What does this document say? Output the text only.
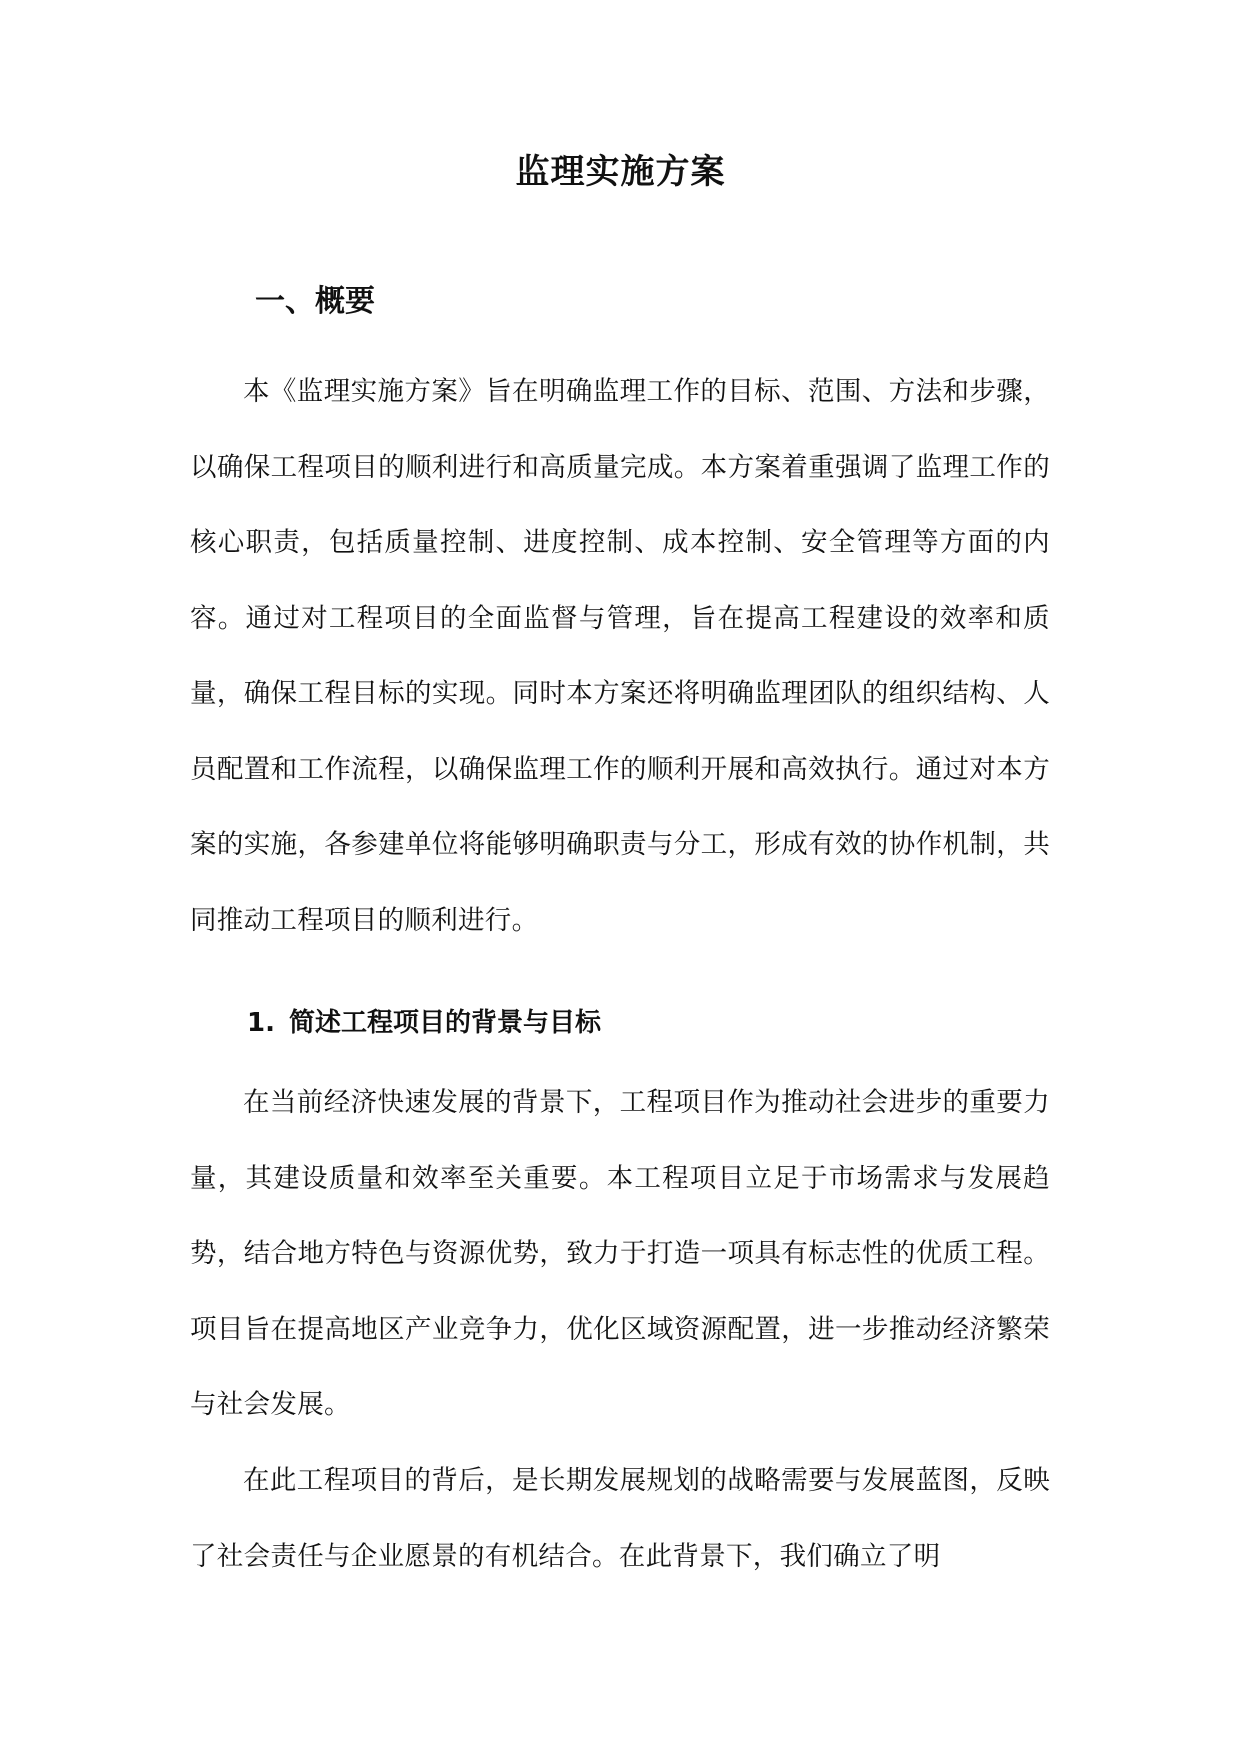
监理实施方案
一、概要

本《监理实施方案》旨在明确监理工作的目标、范围、方法和步骤，以确保工程项目的顺利进行和高质量完成。本方案着重强调了监理工作的核心职责，包括质量控制、进度控制、成本控制、安全管理等方面的内容。通过对工程项目的全面监督与管理，旨在提高工程建设的效率和质量，确保工程目标的实现。同时本方案还将明确监理团队的组织结构、人员配置和工作流程，以确保监理工作的顺利开展和高效执行。通过对本方案的实施，各参建单位将能够明确职责与分工，形成有效的协作机制，共同推动工程项目的顺利进行。

1. 简述工程项目的背景与目标

在当前经济快速发展的背景下，工程项目作为推动社会进步的重要力量，其建设质量和效率至关重要。本工程项目立足于市场需求与发展趋势，结合地方特色与资源优势，致力于打造一项具有标志性的优质工程。项目旨在提高地区产业竞争力，优化区域资源配置，进一步推动经济繁荣与社会发展。

在此工程项目的背后，是长期发展规划的战略需要与发展蓝图，反映了社会责任与企业愿景的有机结合。在此背景下，我们确立了明
